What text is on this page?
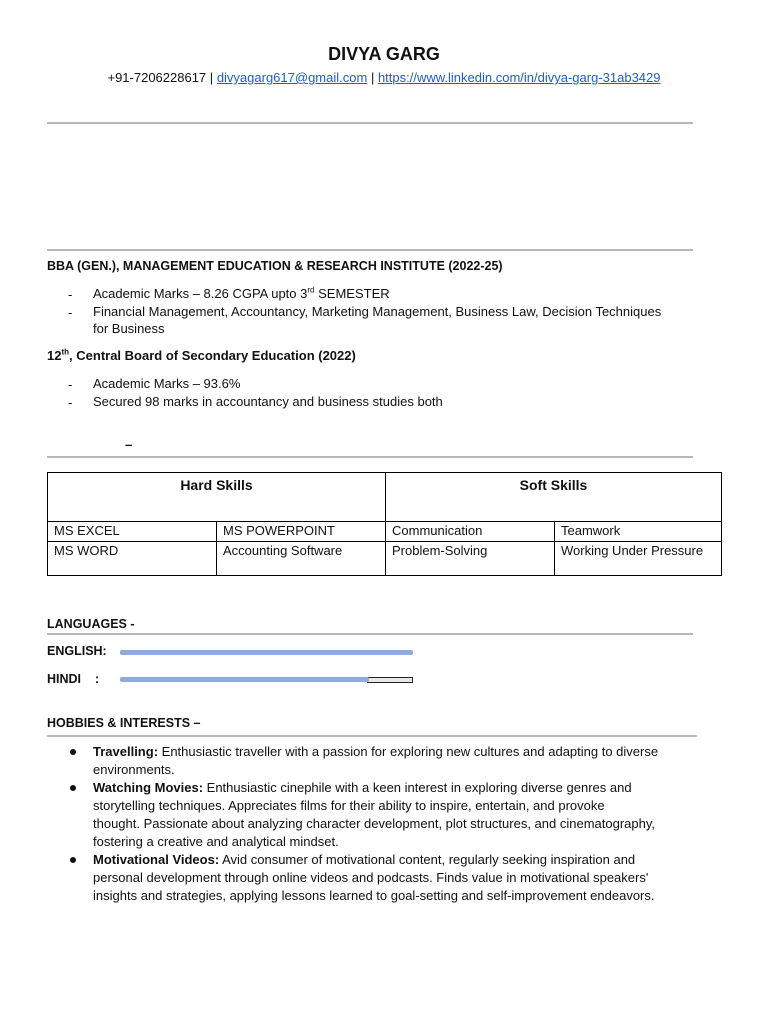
DIVYA GARG
+91-7206228617 | divyagarg617@gmail.com | https://www.linkedin.com/in/divya-garg-31ab3429
BBA (GEN.), MANAGEMENT EDUCATION & RESEARCH INSTITUTE (2022-25)
- Academic Marks – 8.26 CGPA upto 3rd SEMESTER
- Financial Management, Accountancy, Marketing Management, Business Law, Decision Techniques
for Business
12th, Central Board of Secondary Education (2022)
- Academic Marks – 93.6%
- Secured 98 marks in accountancy and business studies both
–
Hard Skills		Soft Skills	
MS EXCEL	MS POWERPOINT	Communication	Teamwork
MS WORD	Accounting Software	Problem-Solving	Working Under Pressure
LANGUAGES -
ENGLISH:
HINDI    :
HOBBIES & INTERESTS –
Travelling: Enthusiastic traveller with a passion for exploring new cultures and adapting to diverse
environments.
Watching Movies: Enthusiastic cinephile with a keen interest in exploring diverse genres and
storytelling techniques. Appreciates films for their ability to inspire, entertain, and provoke
thought. Passionate about analyzing character development, plot structures, and cinematography,
fostering a creative and analytical mindset.
Motivational Videos: Avid consumer of motivational content, regularly seeking inspiration and
personal development through online videos and podcasts. Finds value in motivational speakers'
insights and strategies, applying lessons learned to goal-setting and self-improvement endeavors.
